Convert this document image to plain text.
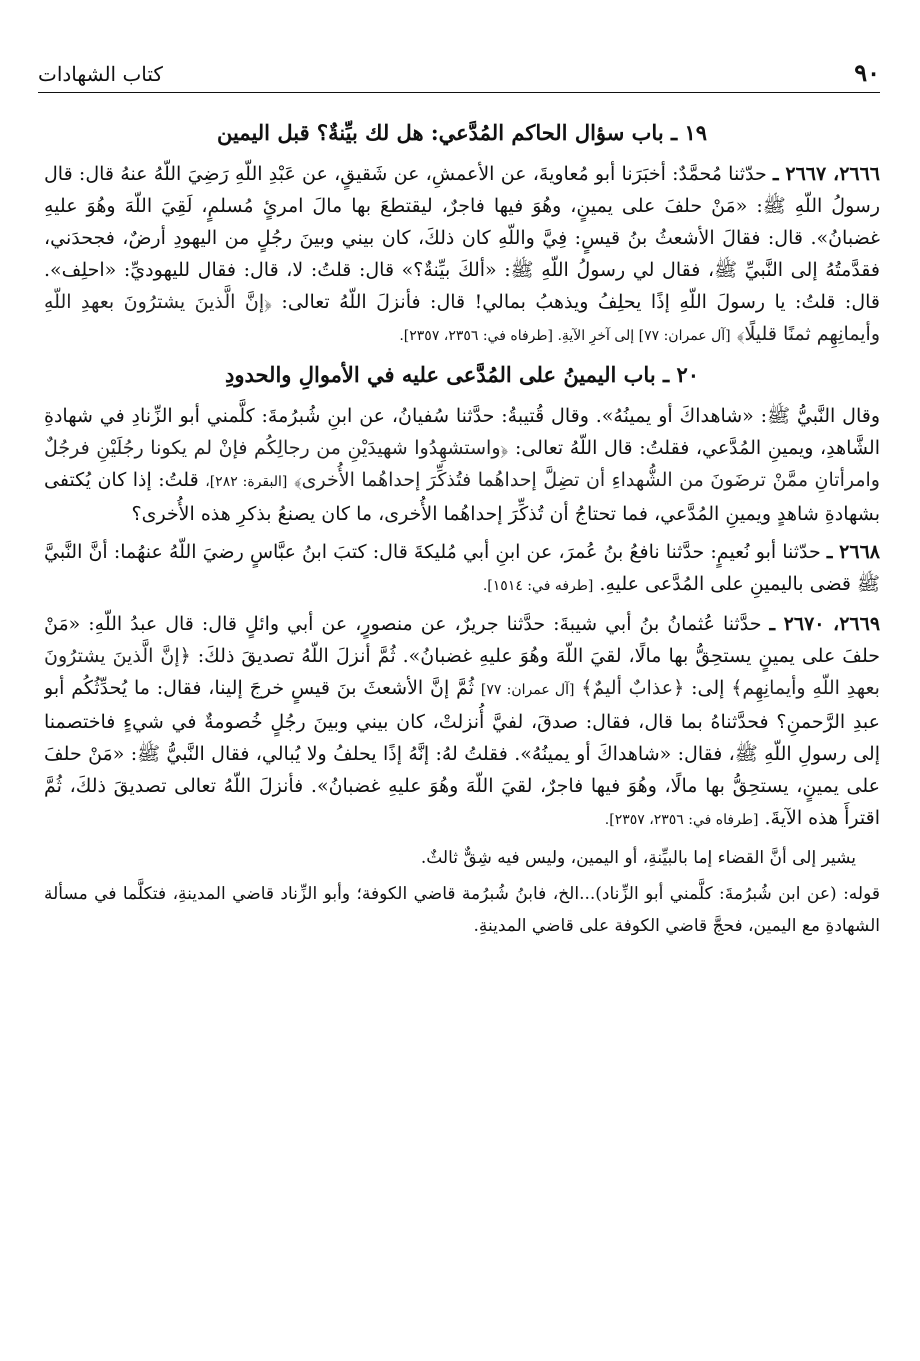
٩٠
كتاب الشهادات
١٩ ـ باب سؤال الحاكم المُدَّعي: هل لك بيِّنةٌ؟ قبل اليمين

٢٦٦٦، ٢٦٦٧ ـ حدّثنا مُحمَّدٌ: أخبَرَنا أبو مُعاويةَ، عن الأعمشِ، عن شَقيقٍ، عن عَبْدِ اللّهِ رَضِيَ اللّهُ عنهُ قال: قال رسولُ اللّهِ ﷺ: «مَنْ حلفَ على يمينٍ، وهُوَ فيها فاجرٌ، ليقتطعَ بها مالَ امرئٍ مُسلمٍ، لَقِيَ اللّهَ وهُوَ عليهِ غضبانُ». قال: فقالَ الأشعثُ بنُ قيسٍ: فِيَّ واللّهِ كان ذلكَ، كان بيني وبينَ رجُلٍ من اليهودِ أرضٌ، فجحدَني، فقدَّمتُهُ إلى النَّبيِّ ﷺ، فقال لي رسولُ اللّهِ ﷺ: «ألكَ بيِّنةٌ؟» قال: قلتُ: لا، قال: فقال لليهوديِّ: «احلِف». قال: قلتُ: يا رسولَ اللّهِ إذًا يحلِفُ ويذهبُ بمالي! قال: فأنزلَ اللّهُ تعالى: ﴿إنَّ الَّذينَ يشترُونَ بعهدِ اللّهِ وأيمانِهِم ثمنًا قليلًا﴾ [آل عمران: ٧٧] إلى آخرِ الآيةِ. [طرفاه في: ٢٣٥٦، ٢٣٥٧].

٢٠ ـ باب اليمينُ على المُدَّعى عليه في الأموالِ والحدودِ

وقال النَّبيُّ ﷺ: «شاهداكَ أو يمينُهُ». وقال قُتيبةُ: حدَّثنا سُفيانُ، عن ابنِ شُبرُمةَ: كلَّمني أبو الزِّنادِ في شهادةِ الشَّاهدِ، ويمينِ المُدَّعي، فقلتُ: قال اللّهُ تعالى: ﴿واستشهِدُوا شهيدَيْنِ من رجالِكُم فإنْ لم يكونا رجُلَيْنِ فرجُلٌ وامرأتانِ ممَّنْ ترضَونَ من الشُّهداءِ أن تضِلَّ إحداهُما فتُذكِّرَ إحداهُما الأُخرى﴾ [البقرة: ٢٨٢]، قلتُ: إذا كان يُكتفى بشهادةِ شاهدٍ ويمينِ المُدَّعي، فما تحتاجُ أن تُذكِّرَ إحداهُما الأُخرى، ما كان يصنعُ بذكرِ هذه الأُخرى؟

٢٦٦٨ ـ حدّثنا أبو نُعيمٍ: حدَّثنا نافعُ بنُ عُمرَ، عن ابنِ أبي مُليكةَ قال: كتبَ ابنُ عبَّاسٍ رضيَ اللّهُ عنهُما: أنَّ النَّبيَّ ﷺ قضى باليمينِ على المُدَّعى عليهِ. [طرفه في: ١٥١٤].

٢٦٦٩، ٢٦٧٠ ـ حدَّثنا عُثمانُ بنُ أبي شيبةَ: حدَّثنا جريرٌ، عن منصورٍ، عن أبي وائلٍ قال: قال عبدُ اللّهِ: «مَنْ حلفَ على يمينٍ يستحِقُّ بها مالًا، لقيَ اللّهَ وهُوَ عليهِ غضبانُ». ثُمَّ أنزلَ اللّهُ تصديقَ ذلكَ: ﴿إنَّ الَّذينَ يشترُونَ بعهدِ اللّهِ وأيمانِهِم﴾ إلى: ﴿عذابٌ أليمٌ﴾ [آل عمران: ٧٧] ثُمَّ إنَّ الأشعثَ بنَ قيسٍ خرجَ إلينا، فقال: ما يُحدِّثُكُم أبو عبدِ الرَّحمنِ؟ فحدَّثناهُ بما قال، فقال: صدقَ، لفيَّ أُنزلتْ، كان بيني وبينَ رجُلٍ خُصومةٌ في شيءٍ فاختصمنا إلى رسولِ اللّهِ ﷺ، فقال: «شاهداكَ أو يمينُهُ». فقلتُ لهُ: إنَّهُ إذًا يحلفُ ولا يُبالي، فقال النَّبيُّ ﷺ: «مَنْ حلفَ على يمينٍ، يستحِقُّ بها مالًا، وهُوَ فيها فاجرٌ، لقيَ اللّهَ وهُوَ عليهِ غضبانُ». فأنزلَ اللّهُ تعالى تصديقَ ذلكَ، ثُمَّ اقترأَ هذه الآيةَ. [طرفاه في: ٢٣٥٦، ٢٣٥٧].

يشير إلى أنَّ القضاء إما بالبيِّنةِ، أو اليمين، وليس فيه شِقٌّ ثالثٌ.

قوله: (عن ابن شُبرُمةَ: كلَّمني أبو الزِّناد)...الخ، فابنُ شُبرُمة قاضي الكوفة؛ وأبو الزِّناد قاضي المدينةِ، فتكلَّما في مسألة الشهادةِ مع اليمين، فحجَّ قاضي الكوفة على قاضي المدينةِ.
